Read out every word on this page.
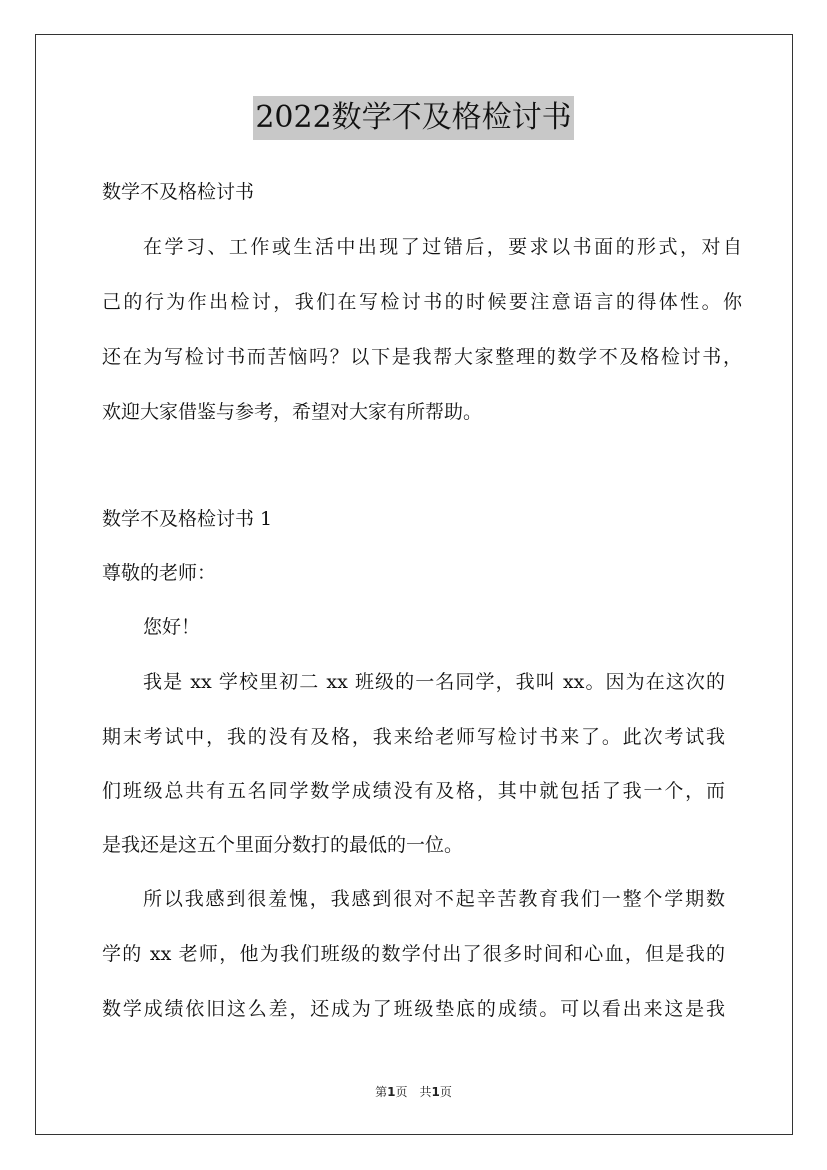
2022数学不及格检讨书
数学不及格检讨书
在学习、工作或生活中出现了过错后，要求以书面的形式，对自
己的行为作出检讨，我们在写检讨书的时候要注意语言的得体性。你
还在为写检讨书而苦恼吗？以下是我帮大家整理的数学不及格检讨书，
欢迎大家借鉴与参考，希望对大家有所帮助。
数学不及格检讨书 1
尊敬的老师：
您好！
我是 xx 学校里初二 xx 班级的一名同学，我叫 xx。因为在这次的
期末考试中，我的没有及格，我来给老师写检讨书来了。此次考试我
们班级总共有五名同学数学成绩没有及格，其中就包括了我一个，而
是我还是这五个里面分数打的最低的一位。
所以我感到很羞愧，我感到很对不起辛苦教育我们一整个学期数
学的 xx 老师，他为我们班级的数学付出了很多时间和心血，但是我的
数学成绩依旧这么差，还成为了班级垫底的成绩。可以看出来这是我
第1页　共1页
